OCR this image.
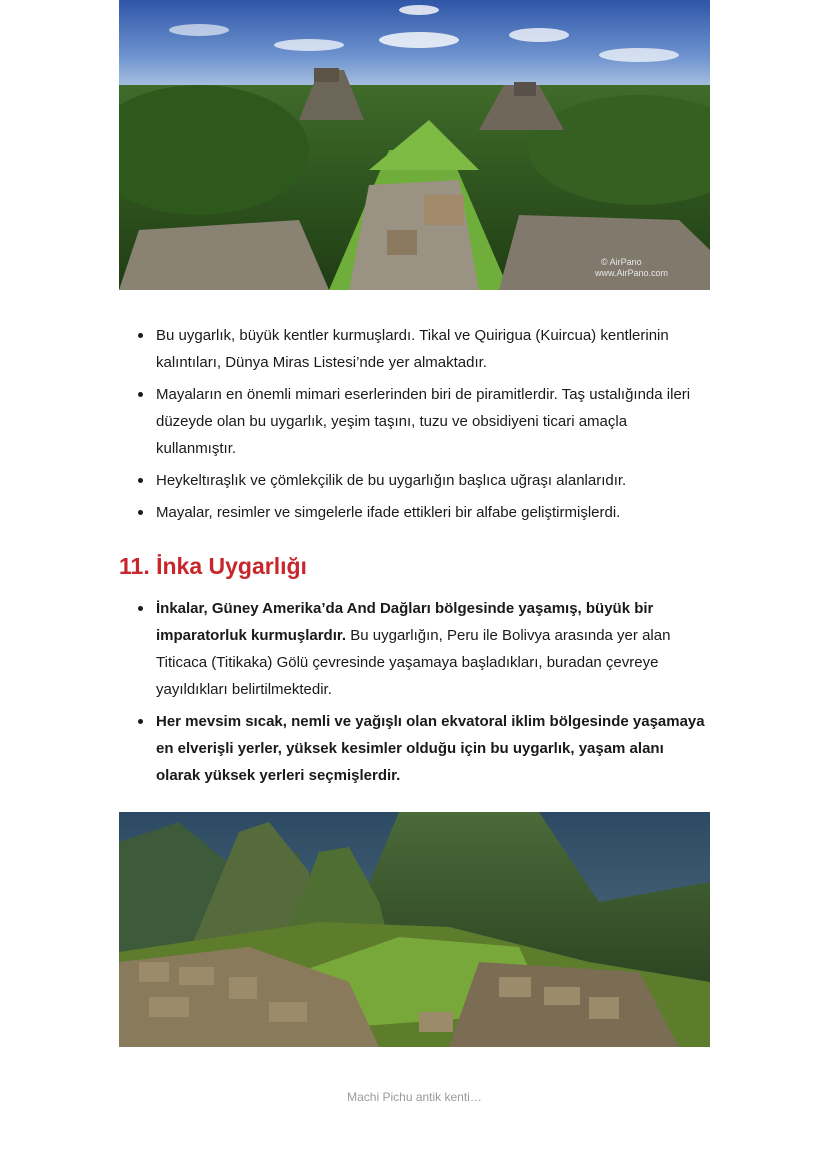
© AirPano
www.AirPano.com
Bu uygarlık, büyük kentler kurmuşlardı. Tikal ve Quirigua (Kuircua) kentlerinin kalıntıları, Dünya Miras Listesi’nde yer almaktadır.
Mayaların en önemli mimari eserlerinden biri de piramitlerdir. Taş ustalığında ileri düzeyde olan bu uygarlık, yeşim taşını, tuzu ve obsidiyeni ticari amaçla kullanmıştır.
Heykeltıraşlık ve çömlekçilik de bu uygarlığın başlıca uğraşı alanlarıdır.
Mayalar, resimler ve simgelerle ifade ettikleri bir alfabe geliştirmişlerdi.
11. İnka Uygarlığı
İnkalar, Güney Amerika’da And Dağları bölgesinde yaşamış, büyük bir imparatorluk kurmuşlardır. Bu uygarlığın, Peru ile Bolivya arasında yer alan Titicaca (Titikaka) Gölü çevresinde yaşamaya başladıkları, buradan çevreye yayıldıkları belirtilmektedir.
Her mevsim sıcak, nemli ve yağışlı olan ekvatoral iklim bölgesinde yaşamaya en elverişli yerler, yüksek kesimler olduğu için bu uygarlık, yaşam alanı olarak yüksek yerleri seçmişlerdir.
Machi Pichu antik kenti…
